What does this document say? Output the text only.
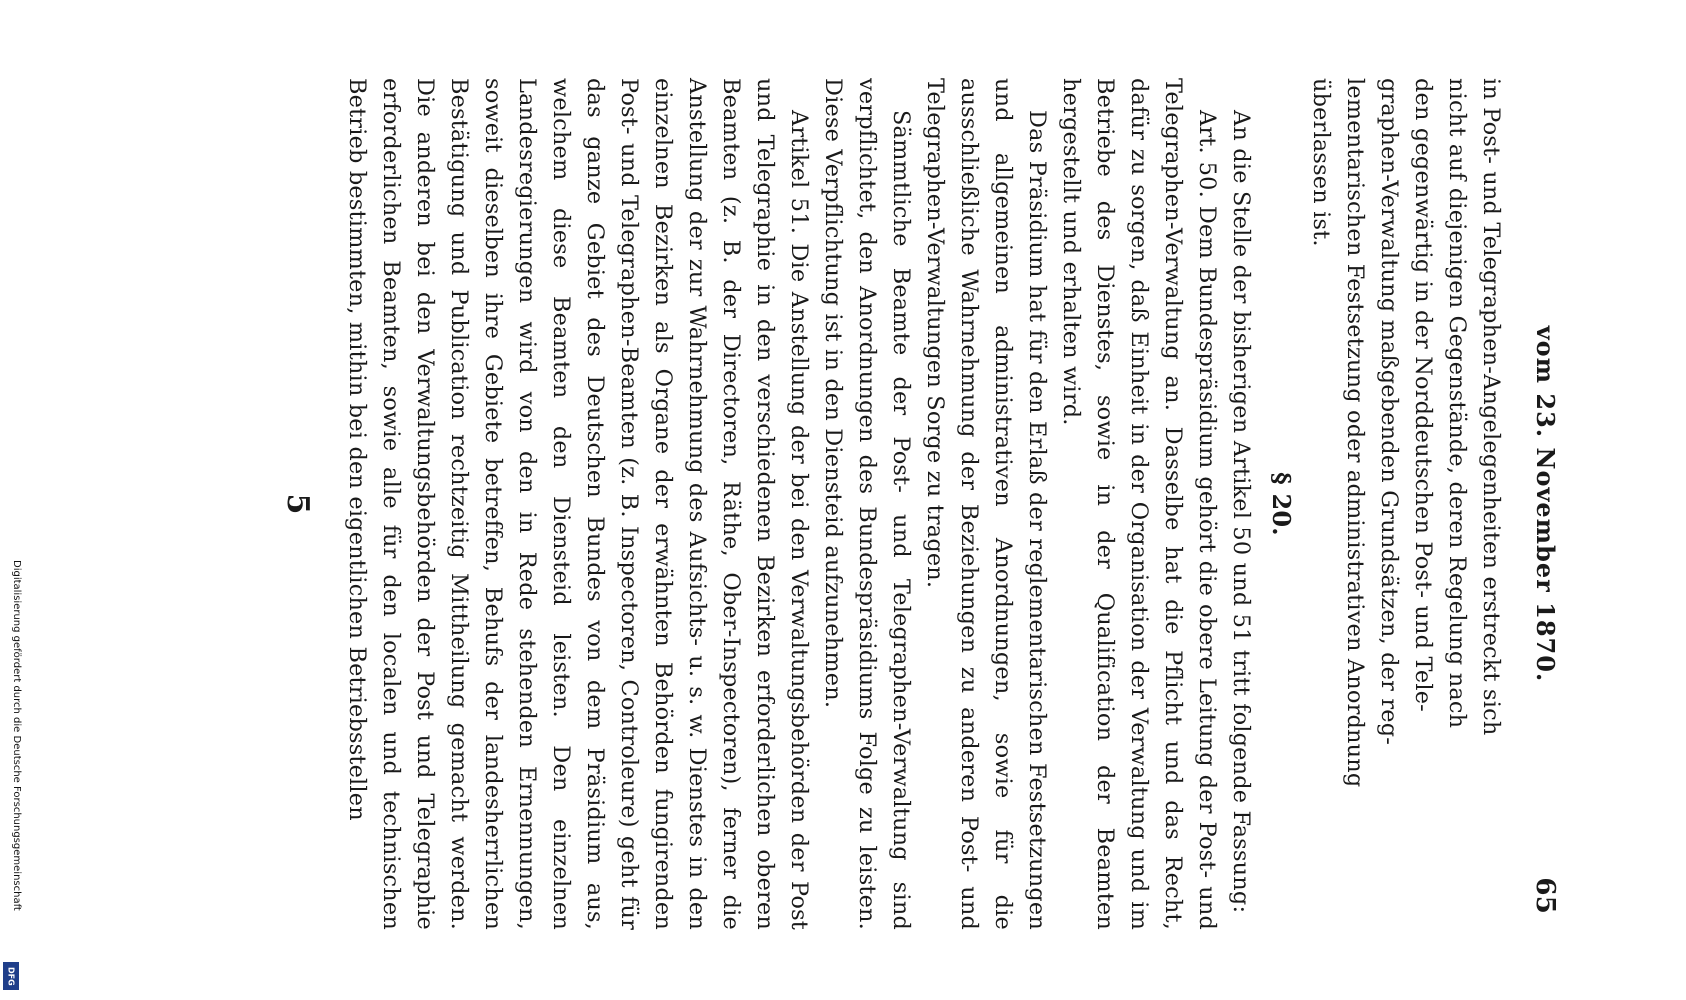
Digitalisierung gefördert durch die Deutsche Forschungsgemeinschaft
DFG
vom 23. November 1870.
65

in Post- und Telegraphen-Angelegenheiten erstreckt sich
nicht auf diejenigen Gegenstände, deren Regelung nach
den gegenwärtig in der Norddeutschen Post- und Tele-
graphen-Verwaltung maßgebenden Grundsätzen, der reg-
lementarischen Festsetzung oder administrativen Anordnung
überlassen ist.

§ 20.

An die Stelle der bisherigen Artikel 50 und 51 tritt folgende Fassung:

Art. 50. Dem Bundespräsidium gehört die obere Leitung der Post- und Telegraphen-Verwaltung an. Dasselbe hat die Pflicht und das Recht, dafür zu sorgen, daß Einheit in der Organisation der Verwaltung und im Betriebe des Dienstes, sowie in der Qualification der Beamten hergestellt und erhalten wird.

Das Präsidium hat für den Erlaß der reglementarischen Festsetzungen und allgemeinen administrativen Anordnungen, sowie für die ausschließliche Wahrnehmung der Beziehungen zu anderen Post- und Telegraphen-Verwaltungen Sorge zu tragen.

Sämmtliche Beamte der Post- und Telegraphen-Verwaltung sind verpflichtet, den Anordnungen des Bundespräsidiums Folge zu leisten. Diese Verpflichtung ist in den Diensteid aufzunehmen.

Artikel 51. Die Anstellung der bei den Verwaltungsbehörden der Post und Telegraphie in den verschiedenen Bezirken erforderlichen oberen Beamten (z. B. der Directoren, Räthe, Ober-Inspectoren), ferner die Anstellung der zur Wahrnehmung des Aufsichts- u. s. w. Dienstes in den einzelnen Bezirken als Organe der erwähnten Behörden fungirenden Post- und Telegraphen-Beamten (z. B. Inspectoren, Controleure) geht für das ganze Gebiet des Deutschen Bundes von dem Präsidium aus, welchem diese Beamten den Diensteid leisten. Den einzelnen Landesregierungen wird von den in Rede stehenden Ernennungen, soweit dieselben ihre Gebiete betreffen, Behufs der landesherrlichen Bestätigung und Publication rechtzeitig Mittheilung gemacht werden. Die anderen bei den Verwaltungsbehörden der Post und Telegraphie erforderlichen Beamten, sowie alle für den localen und technischen Betrieb bestimmten, mithin bei den eigentlichen Betriebsstellen

5
